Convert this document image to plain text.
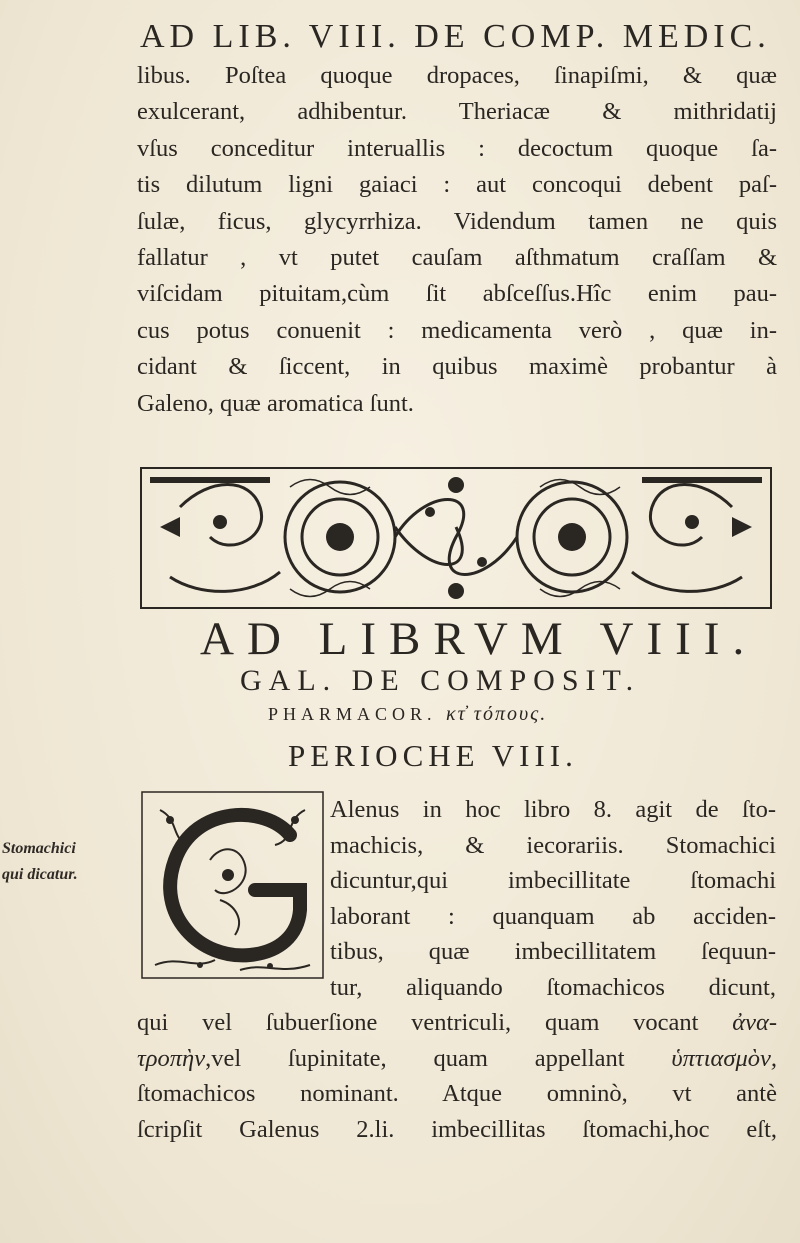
AD LIB. VIII. DE COMP. MEDIC.
libus. Poſtea quoque dropaces, ſinapiſmi, & quæ
exulcerant, adhibentur. Theriacæ & mithridatij
vſus conceditur interuallis : decoctum quoque ſa-
tis dilutum ligni gaiaci : aut concoqui debent paſ-
ſulæ, ficus, glycyrrhiza. Videndum tamen ne quis
fallatur , vt putet cauſam aſthmatum craſſam &
viſcidam pituitam,cùm ſit abſceſſus.Hîc enim pau-
cus potus conuenit : medicamenta verò , quæ in-
cidant & ſiccent, in quibus maximè probantur à
Galeno, quæ aromatica ſunt.
AD LIBRVM VIII.
GAL. DE COMPOSIT.
PHARMACOR. κτ̓ τόπους.
PERIOCHE VIII.
Stomachici
qui dicatur.
Alenus in hoc libro 8. agit de ſto-
machicis, & iecorariis. Stomachici
dicuntur,qui imbecillitate ſtomachi
laborant : quanquam ab acciden-
tibus, quæ imbecillitatem ſequun-
tur, aliquando ſtomachicos dicunt,
qui vel ſubuerſione ventriculi, quam vocant ἀνα-
τροπὴν,vel ſupinitate, quam appellant ὑπτιασμὸν,
ſtomachicos nominant. Atque omninò, vt antè
ſcripſit Galenus 2.li. imbecillitas ſtomachi,hoc eſt,
